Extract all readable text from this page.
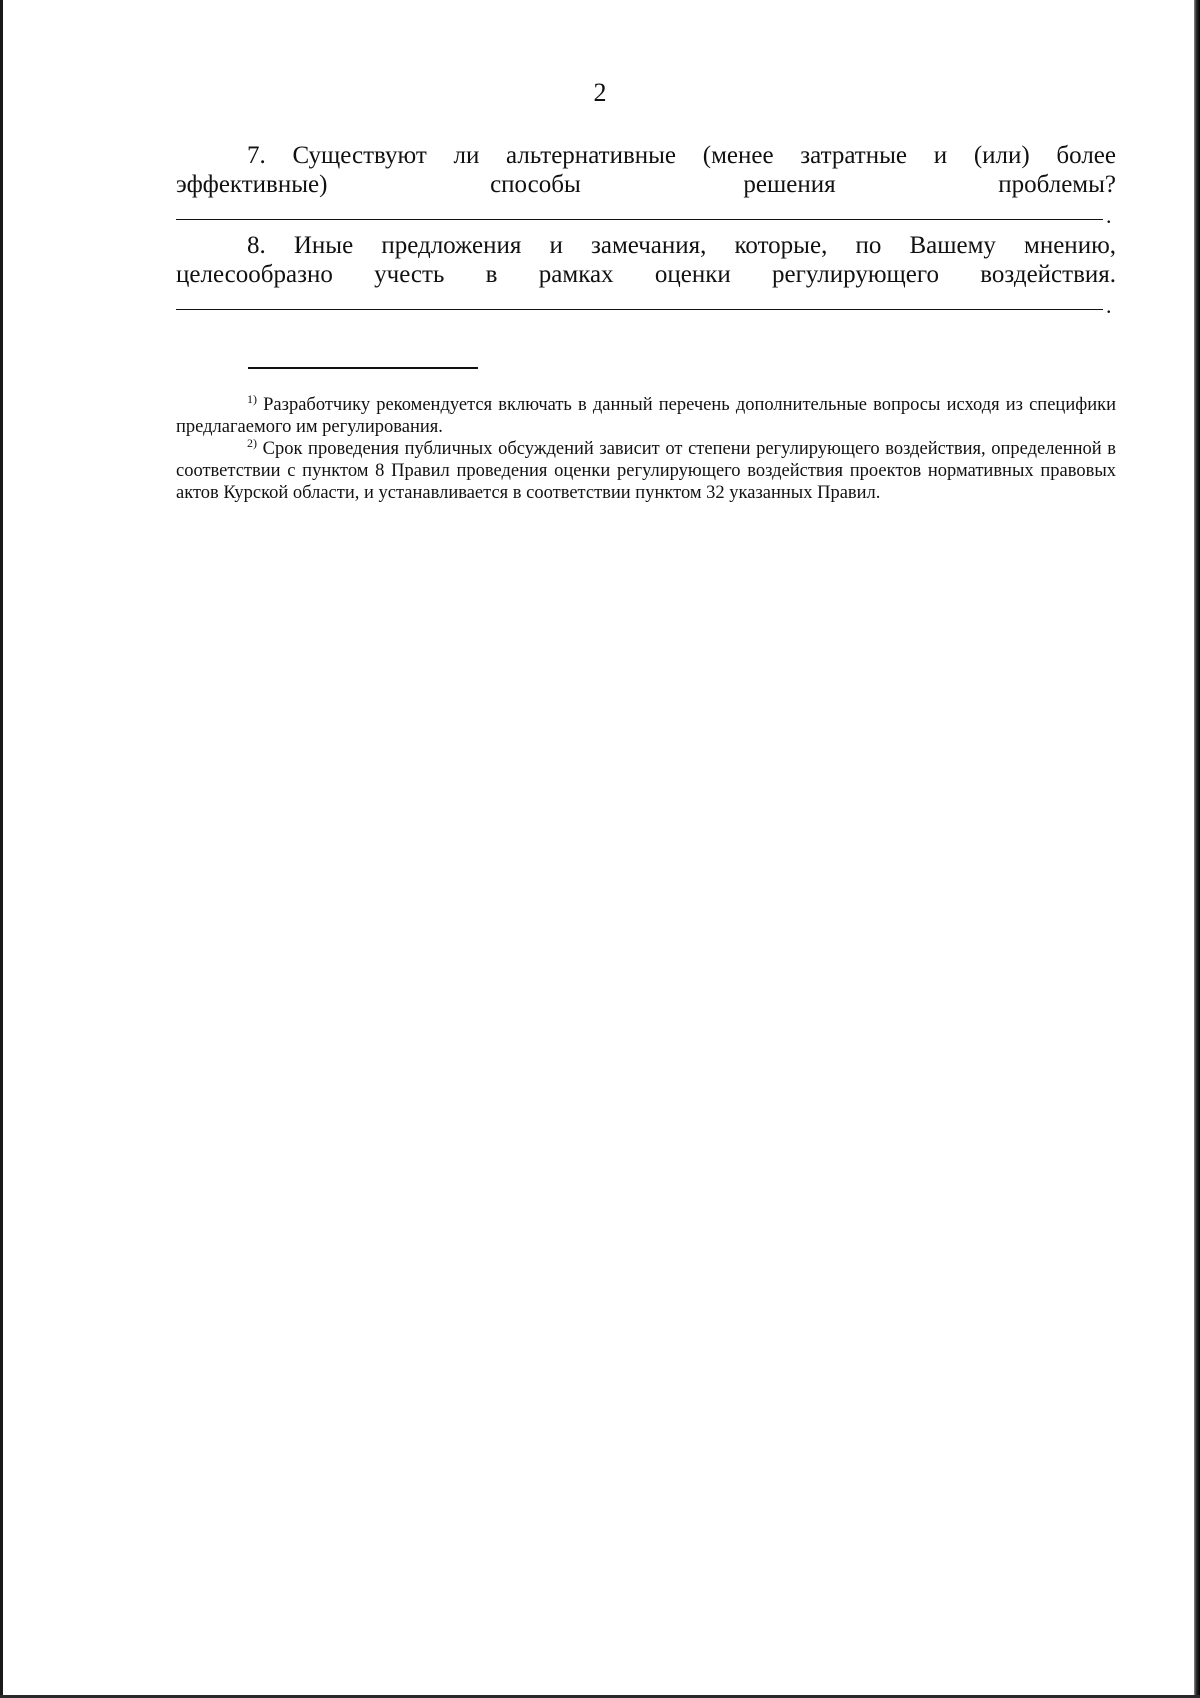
2
7. Существуют ли альтернативные (менее затратные и (или) более эффективные) способы решения проблемы?
.
8. Иные предложения и замечания, которые, по Вашему мнению, целесообразно учесть в рамках оценки регулирующего воздействия.
.

$^{1)}$ Разработчику рекомендуется включать в данный перечень дополнительные вопросы исходя из специфики предлагаемого им регулирования.

$^{2)}$ Срок проведения публичных обсуждений зависит от степени регулирующего воздействия, определенной в соответствии с пунктом 8 Правил проведения оценки регулирующего воздействия проектов нормативных правовых актов Курской области, и устанавливается в соответствии пунктом 32 указанных Правил.
